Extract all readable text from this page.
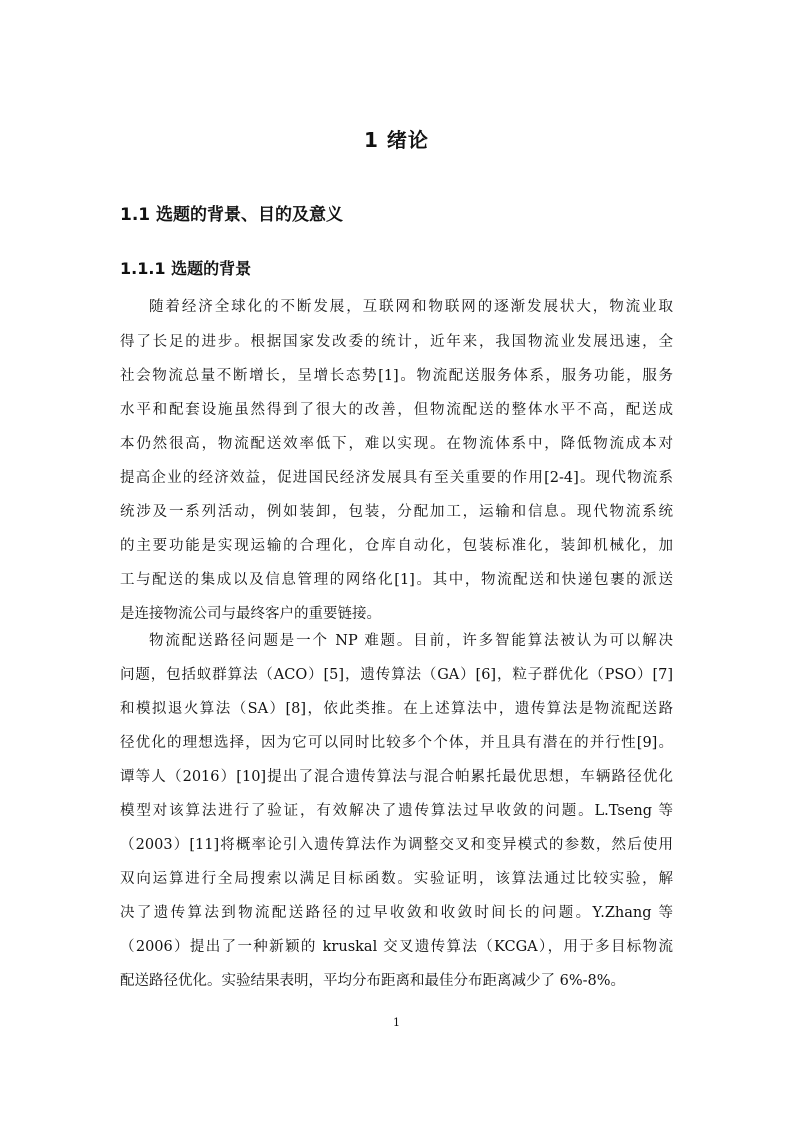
1 绪论
1.1 选题的背景、目的及意义
1.1.1 选题的背景
随着经济全球化的不断发展，互联网和物联网的逐渐发展状大，物流业取
得了长足的进步。根据国家发改委的统计，近年来，我国物流业发展迅速，全
社会物流总量不断增长，呈增长态势[1]。物流配送服务体系，服务功能，服务
水平和配套设施虽然得到了很大的改善，但物流配送的整体水平不高，配送成
本仍然很高，物流配送效率低下，难以实现。在物流体系中，降低物流成本对
提高企业的经济效益，促进国民经济发展具有至关重要的作用[2-4]。现代物流系
统涉及一系列活动，例如装卸，包装，分配加工，运输和信息。现代物流系统
的主要功能是实现运输的合理化，仓库自动化，包装标准化，装卸机械化，加
工与配送的集成以及信息管理的网络化[1]。其中，物流配送和快递包裹的派送
是连接物流公司与最终客户的重要链接。
物流配送路径问题是一个 NP 难题。目前，许多智能算法被认为可以解决
问题，包括蚁群算法（ACO）[5]，遗传算法（GA）[6]，粒子群优化（PSO）[7]
和模拟退火算法（SA）[8]，依此类推。在上述算法中，遗传算法是物流配送路
径优化的理想选择，因为它可以同时比较多个个体，并且具有潜在的并行性[9]。
谭等人（2016）[10]提出了混合遗传算法与混合帕累托最优思想，车辆路径优化
模型对该算法进行了验证，有效解决了遗传算法过早收敛的问题。L.Tseng 等
（2003）[11]将概率论引入遗传算法作为调整交叉和变异模式的参数，然后使用
双向运算进行全局搜索以满足目标函数。实验证明，该算法通过比较实验，解
决了遗传算法到物流配送路径的过早收敛和收敛时间长的问题。Y.Zhang 等
（2006）提出了一种新颖的 kruskal 交叉遗传算法（KCGA），用于多目标物流
配送路径优化。实验结果表明，平均分布距离和最佳分布距离减少了 6%-8%。
1
